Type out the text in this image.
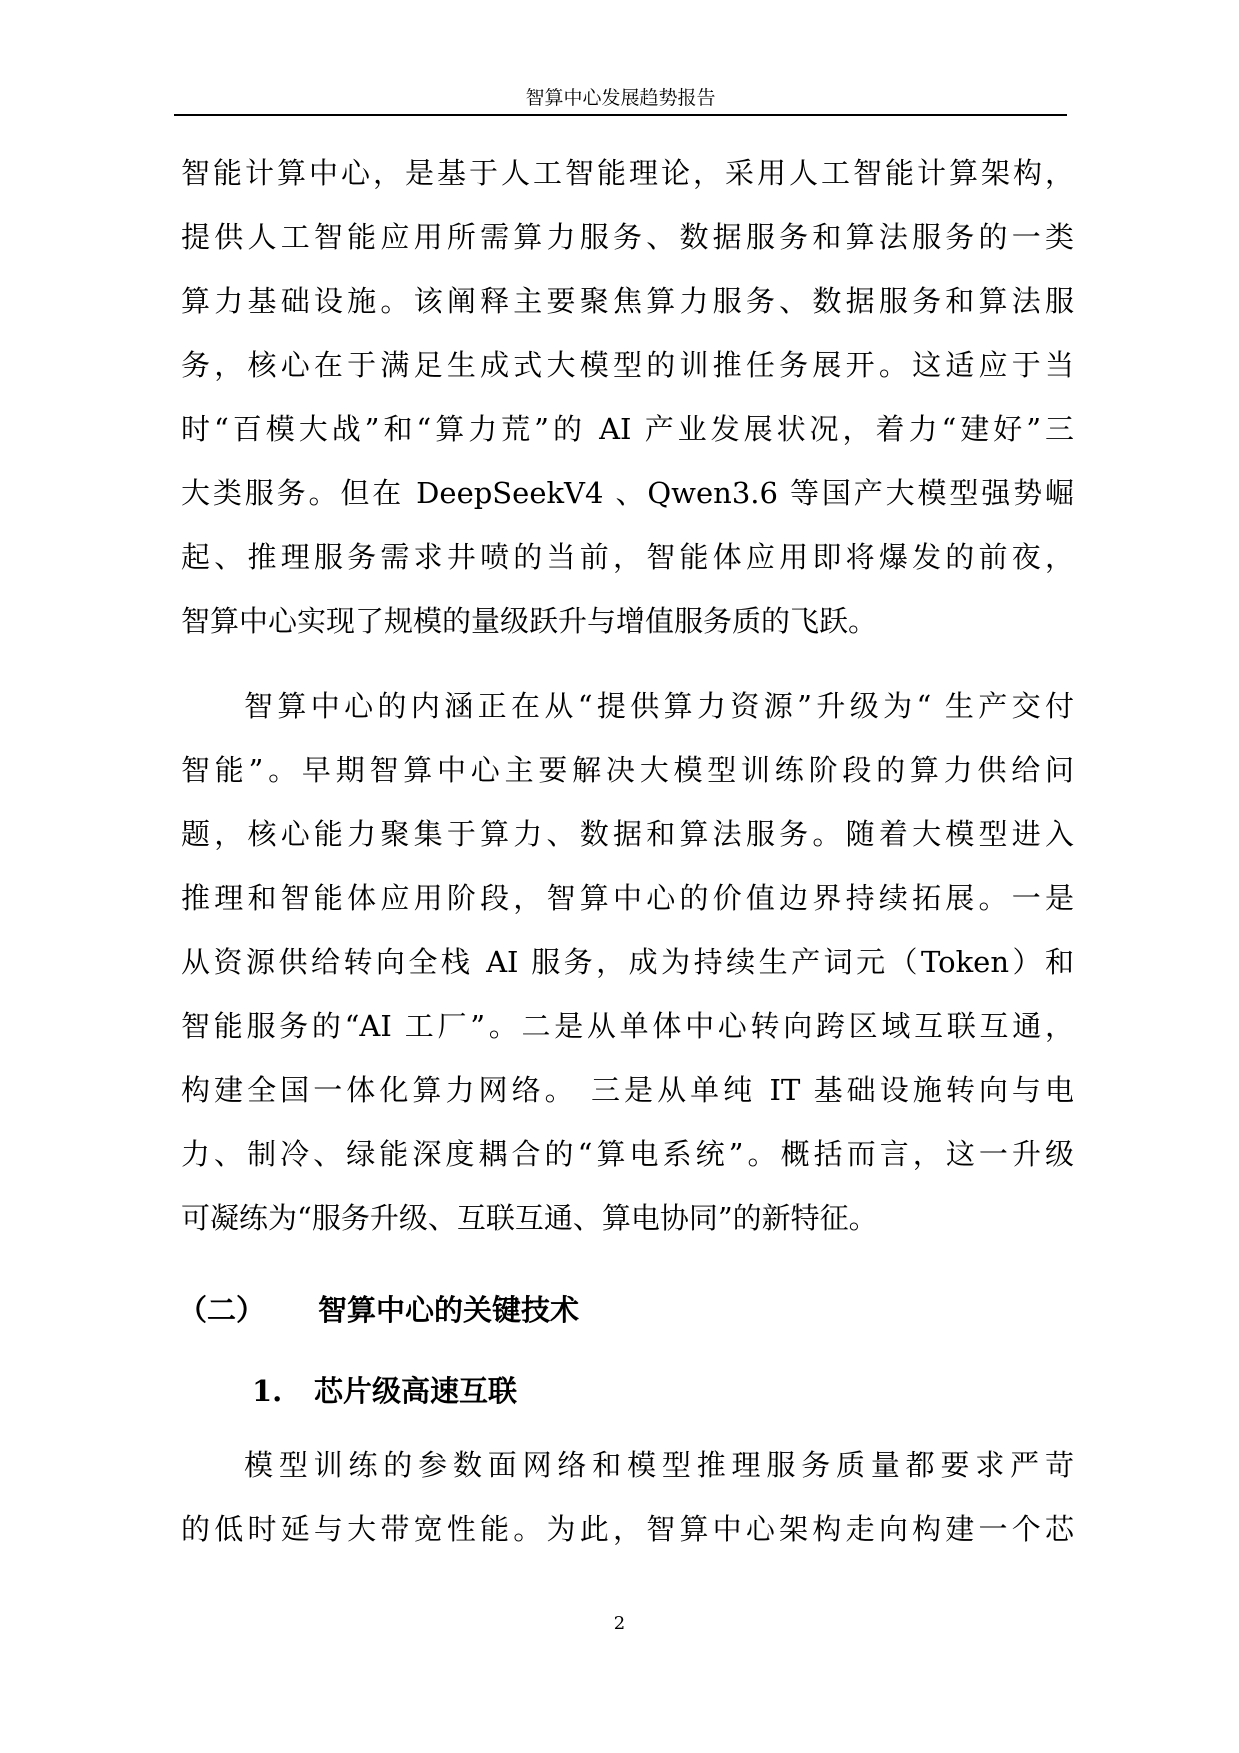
智算中心发展趋势报告
智能计算中心，是基于人工智能理论，采用人工智能计算架构，
提供人工智能应用所需算力服务、数据服务和算法服务的一类
算力基础设施。该阐释主要聚焦算力服务、数据服务和算法服
务，核心在于满足生成式大模型的训推任务展开。这适应于当
时“百模大战”和“算力荒”的 AI 产业发展状况，着力“建好”三
大类服务。但在 DeepSeekV4 、Qwen3.6 等国产大模型强势崛
起、推理服务需求井喷的当前，智能体应用即将爆发的前夜，
智算中心实现了规模的量级跃升与增值服务质的飞跃。
智算中心的内涵正在从“提供算力资源”升级为“ 生产交付
智能”。早期智算中心主要解决大模型训练阶段的算力供给问
题，核心能力聚集于算力、数据和算法服务。随着大模型进入
推理和智能体应用阶段，智算中心的价值边界持续拓展。一是
从资源供给转向全栈 AI 服务，成为持续生产词元（Token）和
智能服务的“AI 工厂”。二是从单体中心转向跨区域互联互通，
构建全国一体化算力网络。 三是从单纯 IT 基础设施转向与电
力、制冷、绿能深度耦合的“算电系统”。概括而言，这一升级
可凝练为“服务升级、互联互通、算电协同”的新特征。
（二） 智算中心的关键技术
1. 芯片级高速互联
模型训练的参数面网络和模型推理服务质量都要求严苛
的低时延与大带宽性能。为此，智算中心架构走向构建一个芯
2
